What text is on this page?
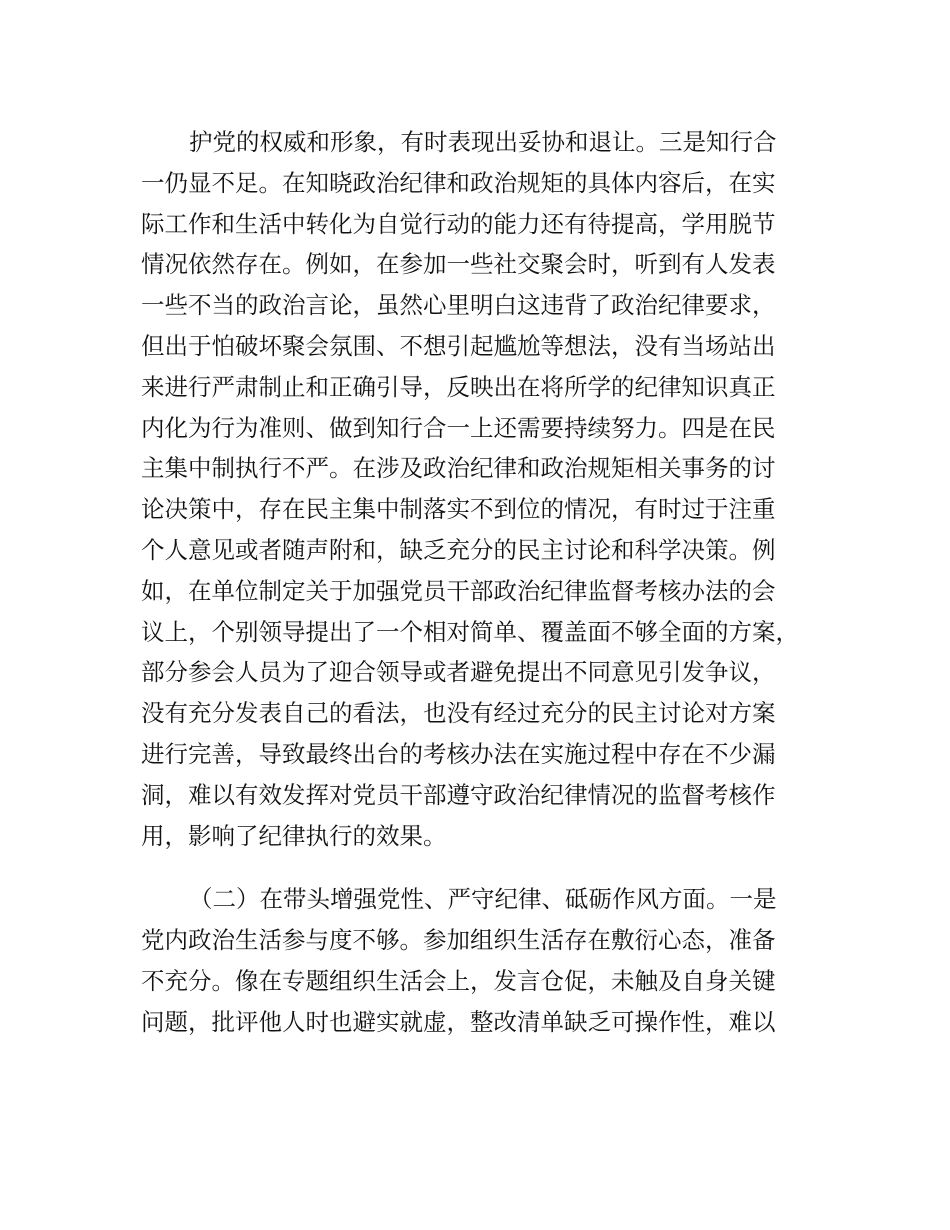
护党的权威和形象，有时表现出妥协和退让。三是知行合
一仍显不足。在知晓政治纪律和政治规矩的具体内容后，在实
际工作和生活中转化为自觉行动的能力还有待提高，学用脱节
情况依然存在。例如，在参加一些社交聚会时，听到有人发表
一些不当的政治言论，虽然心里明白这违背了政治纪律要求，
但出于怕破坏聚会氛围、不想引起尴尬等想法，没有当场站出
来进行严肃制止和正确引导，反映出在将所学的纪律知识真正
内化为行为准则、做到知行合一上还需要持续努力。四是在民
主集中制执行不严。在涉及政治纪律和政治规矩相关事务的讨
论决策中，存在民主集中制落实不到位的情况，有时过于注重
个人意见或者随声附和，缺乏充分的民主讨论和科学决策。例
如，在单位制定关于加强党员干部政治纪律监督考核办法的会
议上，个别领导提出了一个相对简单、覆盖面不够全面的方案，
部分参会人员为了迎合领导或者避免提出不同意见引发争议，
没有充分发表自己的看法，也没有经过充分的民主讨论对方案
进行完善，导致最终出台的考核办法在实施过程中存在不少漏
洞，难以有效发挥对党员干部遵守政治纪律情况的监督考核作
用，影响了纪律执行的效果。
（二）在带头增强党性、严守纪律、砥砺作风方面。一是
党内政治生活参与度不够。参加组织生活存在敷衍心态，准备
不充分。像在专题组织生活会上，发言仓促，未触及自身关键
问题，批评他人时也避实就虚，整改清单缺乏可操作性，难以
